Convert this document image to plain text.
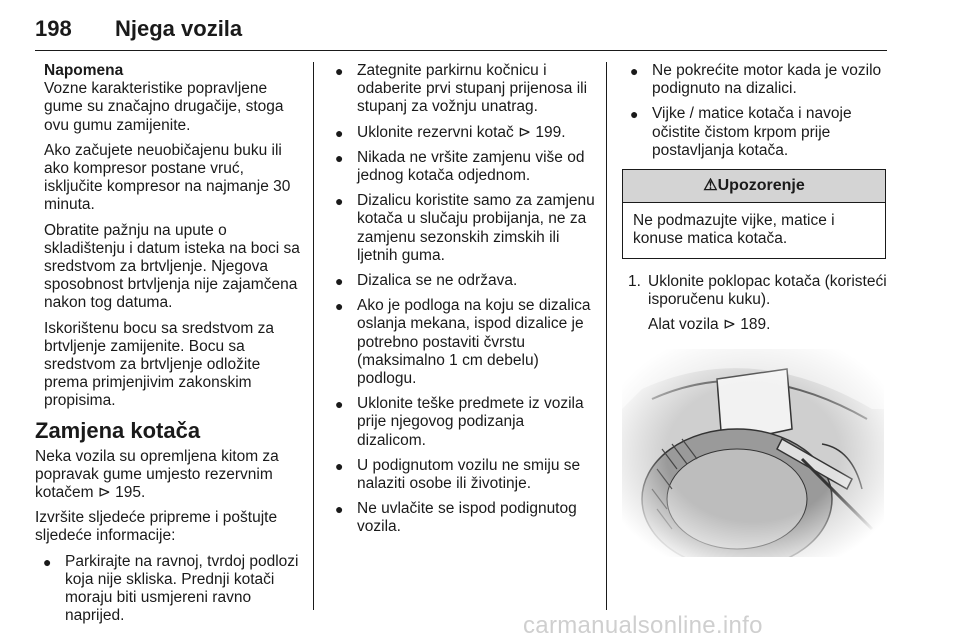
198 Njega vozila
Napomena

Vozne karakteristike popravljene gume su značajno drugačije, stoga ovu gumu zamijenite.

Ako začujete neuobičajenu buku ili ako kompresor postane vruć, isključite kompresor na najmanje 30 minuta.

Obratite pažnju na upute o skladištenju i datum isteka na boci sa sredstvom za brtvljenje. Njegova sposobnost brtvljenja nije zajamčena nakon tog datuma.

Iskorištenu bocu sa sredstvom za brtvljenje zamijenite. Bocu sa sredstvom za brtvljenje odložite prema primjenjivim zakonskim propisima.

Zamjena kotača

Neka vozila su opremljena kitom za popravak gume umjesto rezervnim kotačem ⊳ 195.

Izvršite sljedeće pripreme i poštujte sljedeće informacije:

● Parkirajte na ravnoj, tvrdoj podlozi koja nije skliska. Prednji kotači moraju biti usmjereni ravno naprijed.
● Zategnite parkirnu kočnicu i odaberite prvi stupanj prijenosa ili stupanj za vožnju unatrag.
● Uklonite rezervni kotač ⊳ 199.
● Nikada ne vršite zamjenu više od jednog kotača odjednom.
● Dizalicu koristite samo za zamjenu kotača u slučaju probijanja, ne za zamjenu sezonskih zimskih ili ljetnih guma.
● Dizalica se ne održava.
● Ako je podloga na koju se dizalica oslanja mekana, ispod dizalice je potrebno postaviti čvrstu (maksimalno 1 cm debelu) podlogu.
● Uklonite teške predmete iz vozila prije njegovog podizanja dizalicom.
● U podignutom vozilu ne smiju se nalaziti osobe ili životinje.
● Ne uvlačite se ispod podignutog vozila.
● Ne pokrećite motor kada je vozilo podignuto na dizalici.
● Vijke / matice kotača i navoje očistite čistom krpom prije postavljanja kotača.
⚠Upozorenje
Ne podmazujte vijke, matice i konuse matica kotača.
1. Uklonite poklopac kotača (koristeći isporučenu kuku).

Alat vozila ⊳ 189.

carmanualsonline.info
